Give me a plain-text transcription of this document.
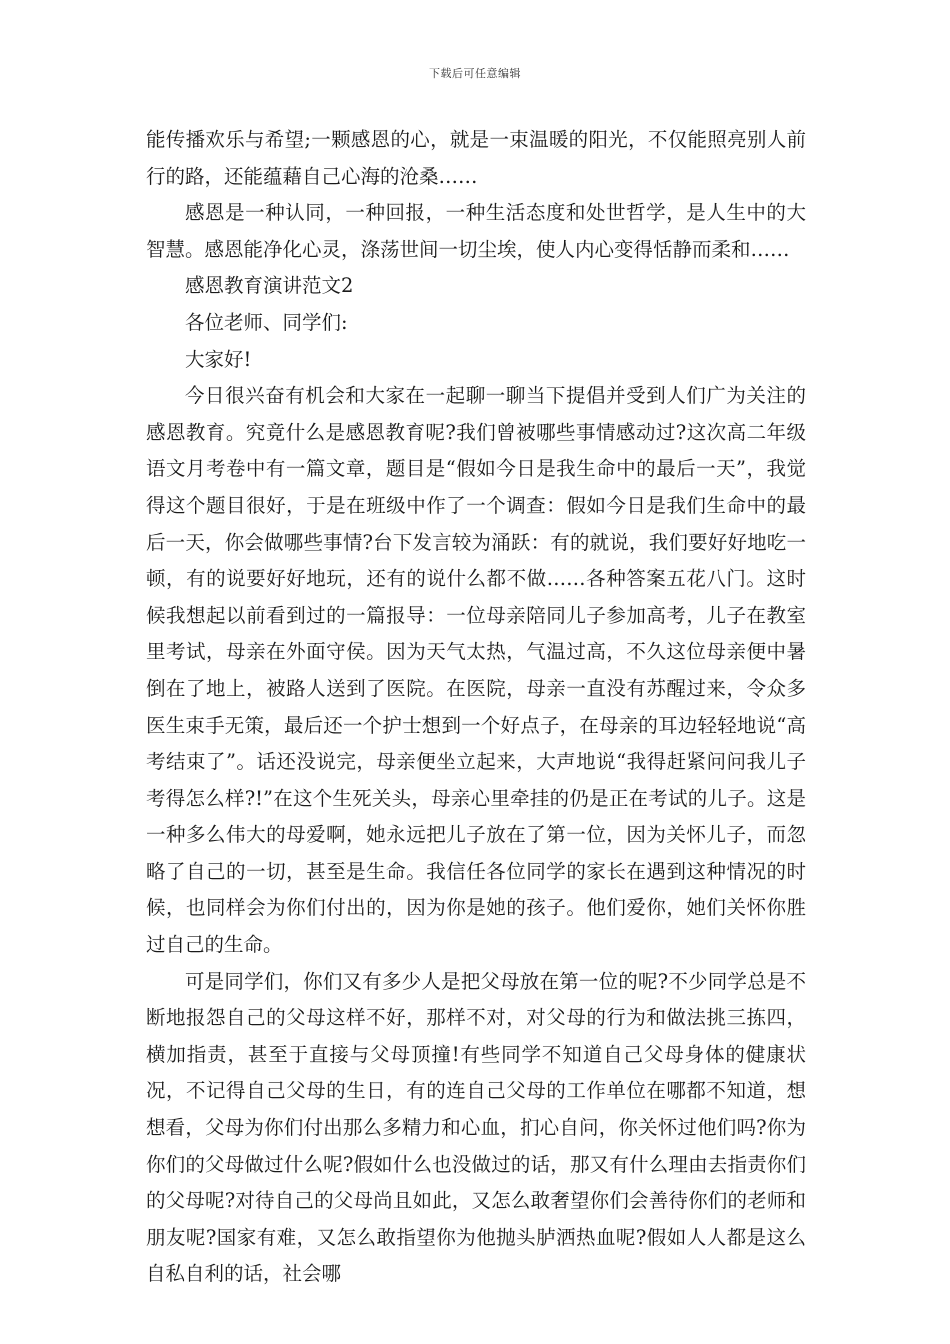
下载后可任意编辑

能传播欢乐与希望;一颗感恩的心，就是一束温暖的阳光，不仅能照亮别人前行的路，还能蕴藉自己心海的沧桑……

感恩是一种认同，一种回报，一种生活态度和处世哲学，是人生中的大智慧。感恩能净化心灵，涤荡世间一切尘埃，使人内心变得恬静而柔和……

感恩教育演讲范文2

各位老师、同学们:

大家好!

今日很兴奋有机会和大家在一起聊一聊当下提倡并受到人们广为关注的感恩教育。究竟什么是感恩教育呢?我们曾被哪些事情感动过?这次高二年级语文月考卷中有一篇文章，题目是“假如今日是我生命中的最后一天”，我觉得这个题目很好，于是在班级中作了一个调查：假如今日是我们生命中的最后一天，你会做哪些事情?台下发言较为涌跃：有的就说，我们要好好地吃一顿，有的说要好好地玩，还有的说什么都不做……各种答案五花八门。这时候我想起以前看到过的一篇报导：一位母亲陪同儿子参加高考，儿子在教室里考试，母亲在外面守侯。因为天气太热，气温过高，不久这位母亲便中暑倒在了地上，被路人送到了医院。在医院，母亲一直没有苏醒过来，令众多医生束手无策，最后还一个护士想到一个好点子，在母亲的耳边轻轻地说“高考结束了”。话还没说完，母亲便坐立起来，大声地说“我得赶紧问问我儿子考得怎么样?!”在这个生死关头，母亲心里牵挂的仍是正在考试的儿子。这是一种多么伟大的母爱啊，她永远把儿子放在了第一位，因为关怀儿子，而忽略了自己的一切，甚至是生命。我信任各位同学的家长在遇到这种情况的时候，也同样会为你们付出的，因为你是她的孩子。他们爱你，她们关怀你胜过自己的生命。

可是同学们，你们又有多少人是把父母放在第一位的呢?不少同学总是不断地报怨自己的父母这样不好，那样不对，对父母的行为和做法挑三拣四，横加指责，甚至于直接与父母顶撞!有些同学不知道自己父母身体的健康状况，不记得自己父母的生日，有的连自己父母的工作单位在哪都不知道，想想看，父母为你们付出那么多精力和心血，扪心自问，你关怀过他们吗?你为你们的父母做过什么呢?假如什么也没做过的话，那又有什么理由去指责你们的父母呢?对待自己的父母尚且如此，又怎么敢奢望你们会善待你们的老师和朋友呢?国家有难，又怎么敢指望你为他抛头胪洒热血呢?假如人人都是这么自私自利的话，社会哪
